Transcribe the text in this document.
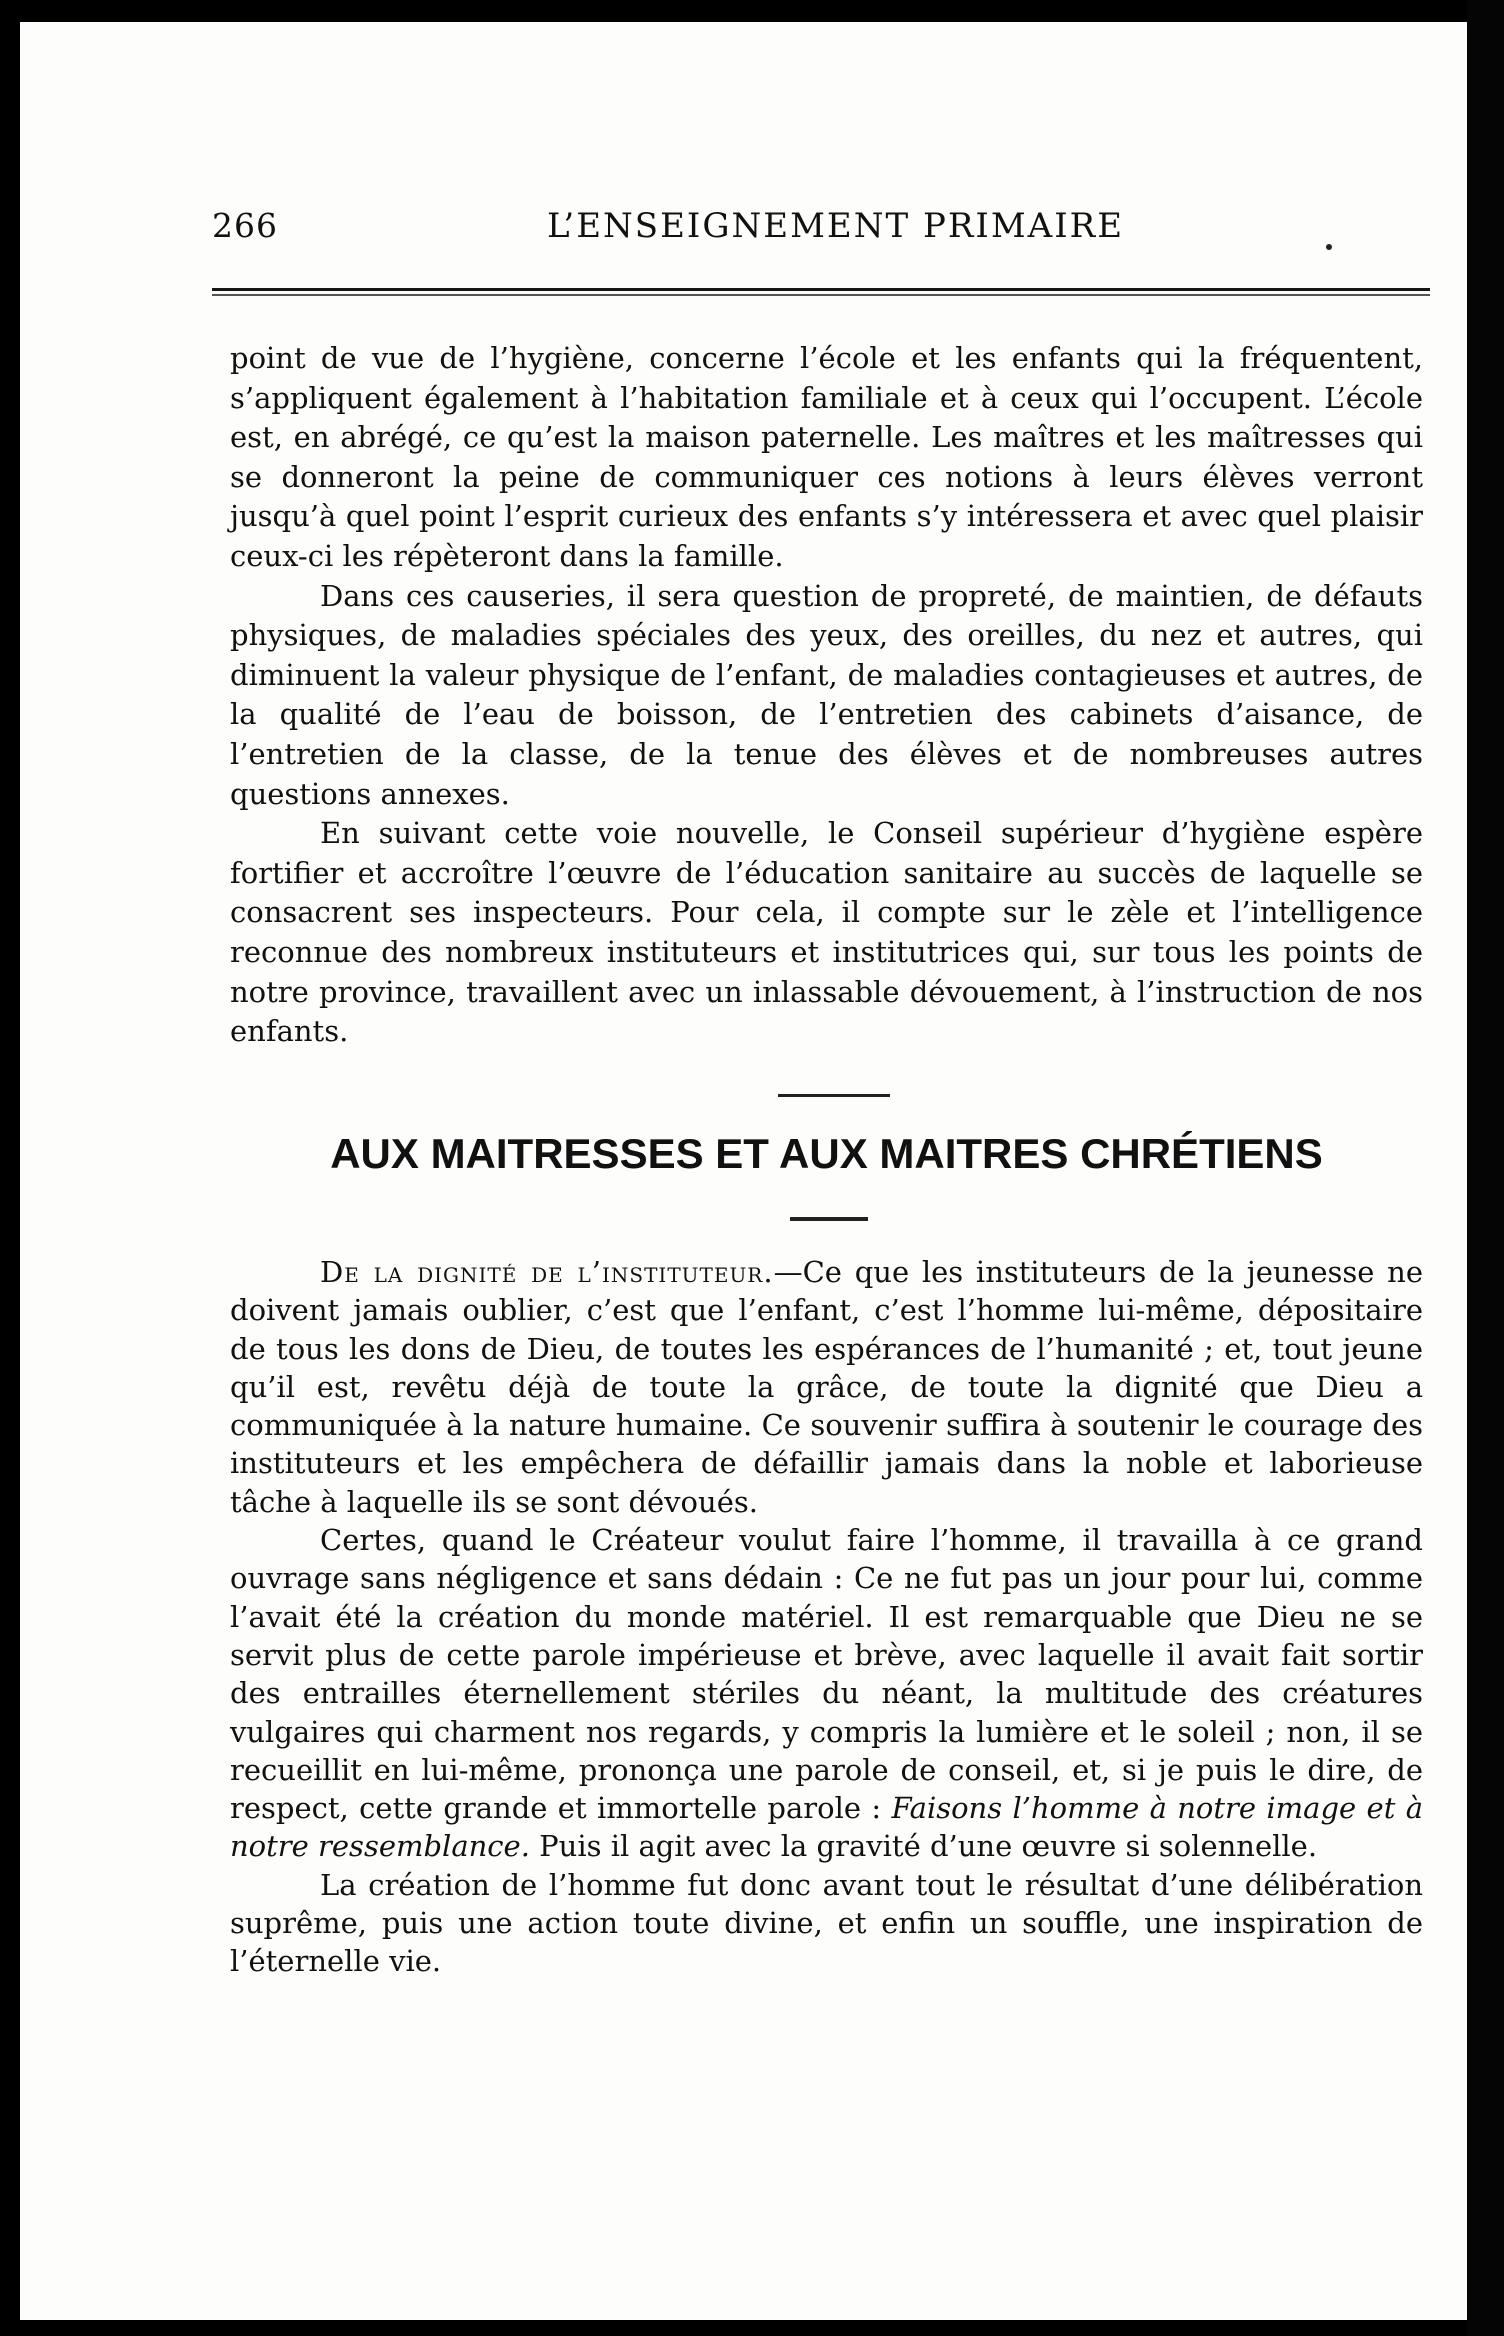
266	L’ENSEIGNEMENT PRIMAIRE

point de vue de l’hygiène, concerne l’école et les enfants qui la fréquentent, s’appliquent également à l’habitation familiale et à ceux qui l’occupent. L’école est, en abrégé, ce qu’est la maison paternelle. Les maîtres et les maîtresses qui se donneront la peine de communiquer ces notions à leurs élèves verront jusqu’à quel point l’esprit curieux des enfants s’y intéressera et avec quel plaisir ceux-ci les répèteront dans la famille.

Dans ces causeries, il sera question de propreté, de maintien, de défauts physiques, de maladies spéciales des yeux, des oreilles, du nez et autres, qui diminuent la valeur physique de l’enfant, de maladies contagieuses et autres, de la qualité de l’eau de boisson, de l’entretien des cabinets d’aisance, de l’entretien de la classe, de la tenue des élèves et de nombreuses autres questions annexes.

En suivant cette voie nouvelle, le Conseil supérieur d’hygiène espère fortifier et accroître l’œuvre de l’éducation sanitaire au succès de laquelle se consacrent ses inspecteurs. Pour cela, il compte sur le zèle et l’intelligence reconnue des nombreux instituteurs et institutrices qui, sur tous les points de notre province, travaillent avec un inlassable dévouement, à l’instruction de nos enfants.

AUX MAITRESSES ET AUX MAITRES CHRÉTIENS

De la dignité de l’instituteur.—Ce que les instituteurs de la jeunesse ne doivent jamais oublier, c’est que l’enfant, c’est l’homme lui-même, dépositaire de tous les dons de Dieu, de toutes les espérances de l’humanité ; et, tout jeune qu’il est, revêtu déjà de toute la grâce, de toute la dignité que Dieu a communiquée à la nature humaine. Ce souvenir suffira à soutenir le courage des instituteurs et les empêchera de défaillir jamais dans la noble et laborieuse tâche à laquelle ils se sont dévoués.

Certes, quand le Créateur voulut faire l’homme, il travailla à ce grand ouvrage sans négligence et sans dédain : Ce ne fut pas un jour pour lui, comme l’avait été la création du monde matériel. Il est remarquable que Dieu ne se servit plus de cette parole impérieuse et brève, avec laquelle il avait fait sortir des entrailles éternellement stériles du néant, la multitude des créatures vulgaires qui charment nos regards, y compris la lumière et le soleil ; non, il se recueillit en lui-même, prononça une parole de conseil, et, si je puis le dire, de respect, cette grande et immortelle parole : Faisons l’homme à notre image et à notre ressemblance. Puis il agit avec la gravité d’une œuvre si solennelle.

La création de l’homme fut donc avant tout le résultat d’une délibération suprême, puis une action toute divine, et enfin un souffle, une inspiration de l’éternelle vie.
